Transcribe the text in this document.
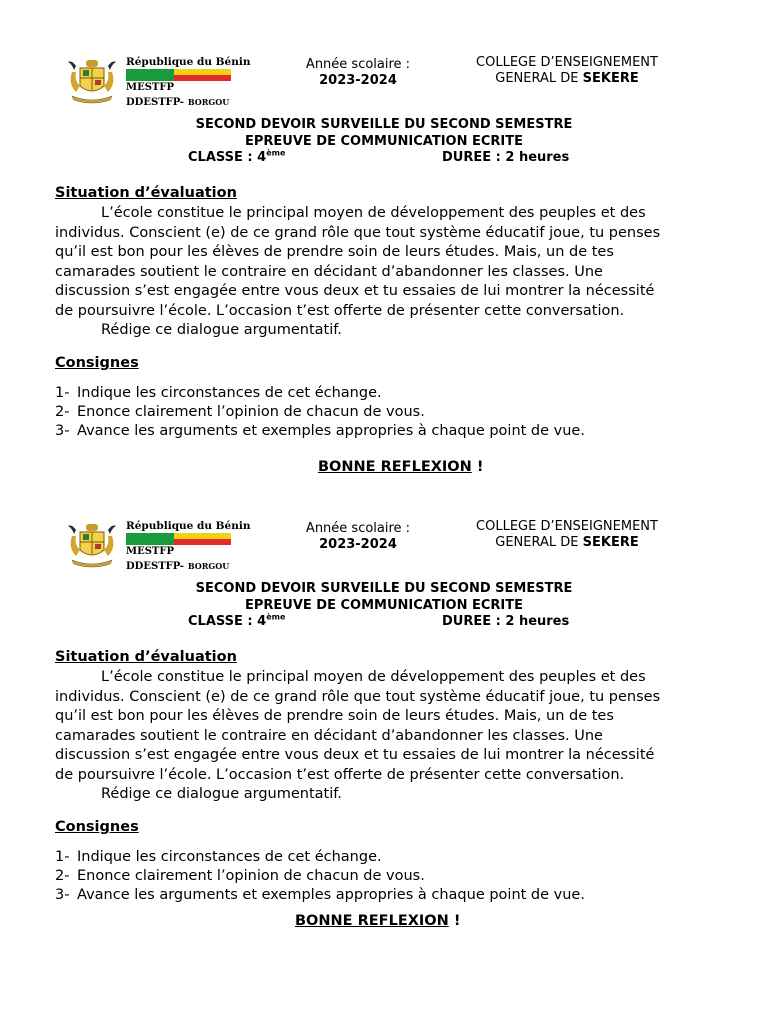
République du Bénin
MESTFP
DDESTFP- BORGOU
Année scolaire :
2023-2024
COLLEGE D’ENSEIGNEMENT
GENERAL DE SEKERE
SECOND DEVOIR SURVEILLE DU SECOND SEMESTRE
EPREUVE DE COMMUNICATION ECRITE
CLASSE : 4ème	DUREE : 2 heures
Situation d’évaluation
L’école constitue le principal moyen de développement des peuples et des
individus. Conscient (e) de ce grand rôle que tout système éducatif joue, tu penses
qu’il est bon pour les élèves de prendre soin de leurs études. Mais, un de tes
camarades soutient le contraire en décidant d’abandonner les classes. Une
discussion s’est engagée entre vous deux et tu essaies de lui montrer la nécessité
de poursuivre l’école. L’occasion t’est offerte de présenter cette conversation.
Rédige ce dialogue argumentatif.
Consignes
1- Indique les circonstances de cet échange.
2- Enonce clairement l’opinion de chacun de vous.
3- Avance les arguments et exemples appropries à chaque point de vue.
BONNE REFLEXION !
République du Bénin
MESTFP
DDESTFP- BORGOU
Année scolaire :
2023-2024
COLLEGE D’ENSEIGNEMENT
GENERAL DE SEKERE
SECOND DEVOIR SURVEILLE DU SECOND SEMESTRE
EPREUVE DE COMMUNICATION ECRITE
CLASSE : 4ème	DUREE : 2 heures
Situation d’évaluation
L’école constitue le principal moyen de développement des peuples et des
individus. Conscient (e) de ce grand rôle que tout système éducatif joue, tu penses
qu’il est bon pour les élèves de prendre soin de leurs études. Mais, un de tes
camarades soutient le contraire en décidant d’abandonner les classes. Une
discussion s’est engagée entre vous deux et tu essaies de lui montrer la nécessité
de poursuivre l’école. L’occasion t’est offerte de présenter cette conversation.
Rédige ce dialogue argumentatif.
Consignes
1- Indique les circonstances de cet échange.
2- Enonce clairement l’opinion de chacun de vous.
3- Avance les arguments et exemples appropries à chaque point de vue.
BONNE REFLEXION !
